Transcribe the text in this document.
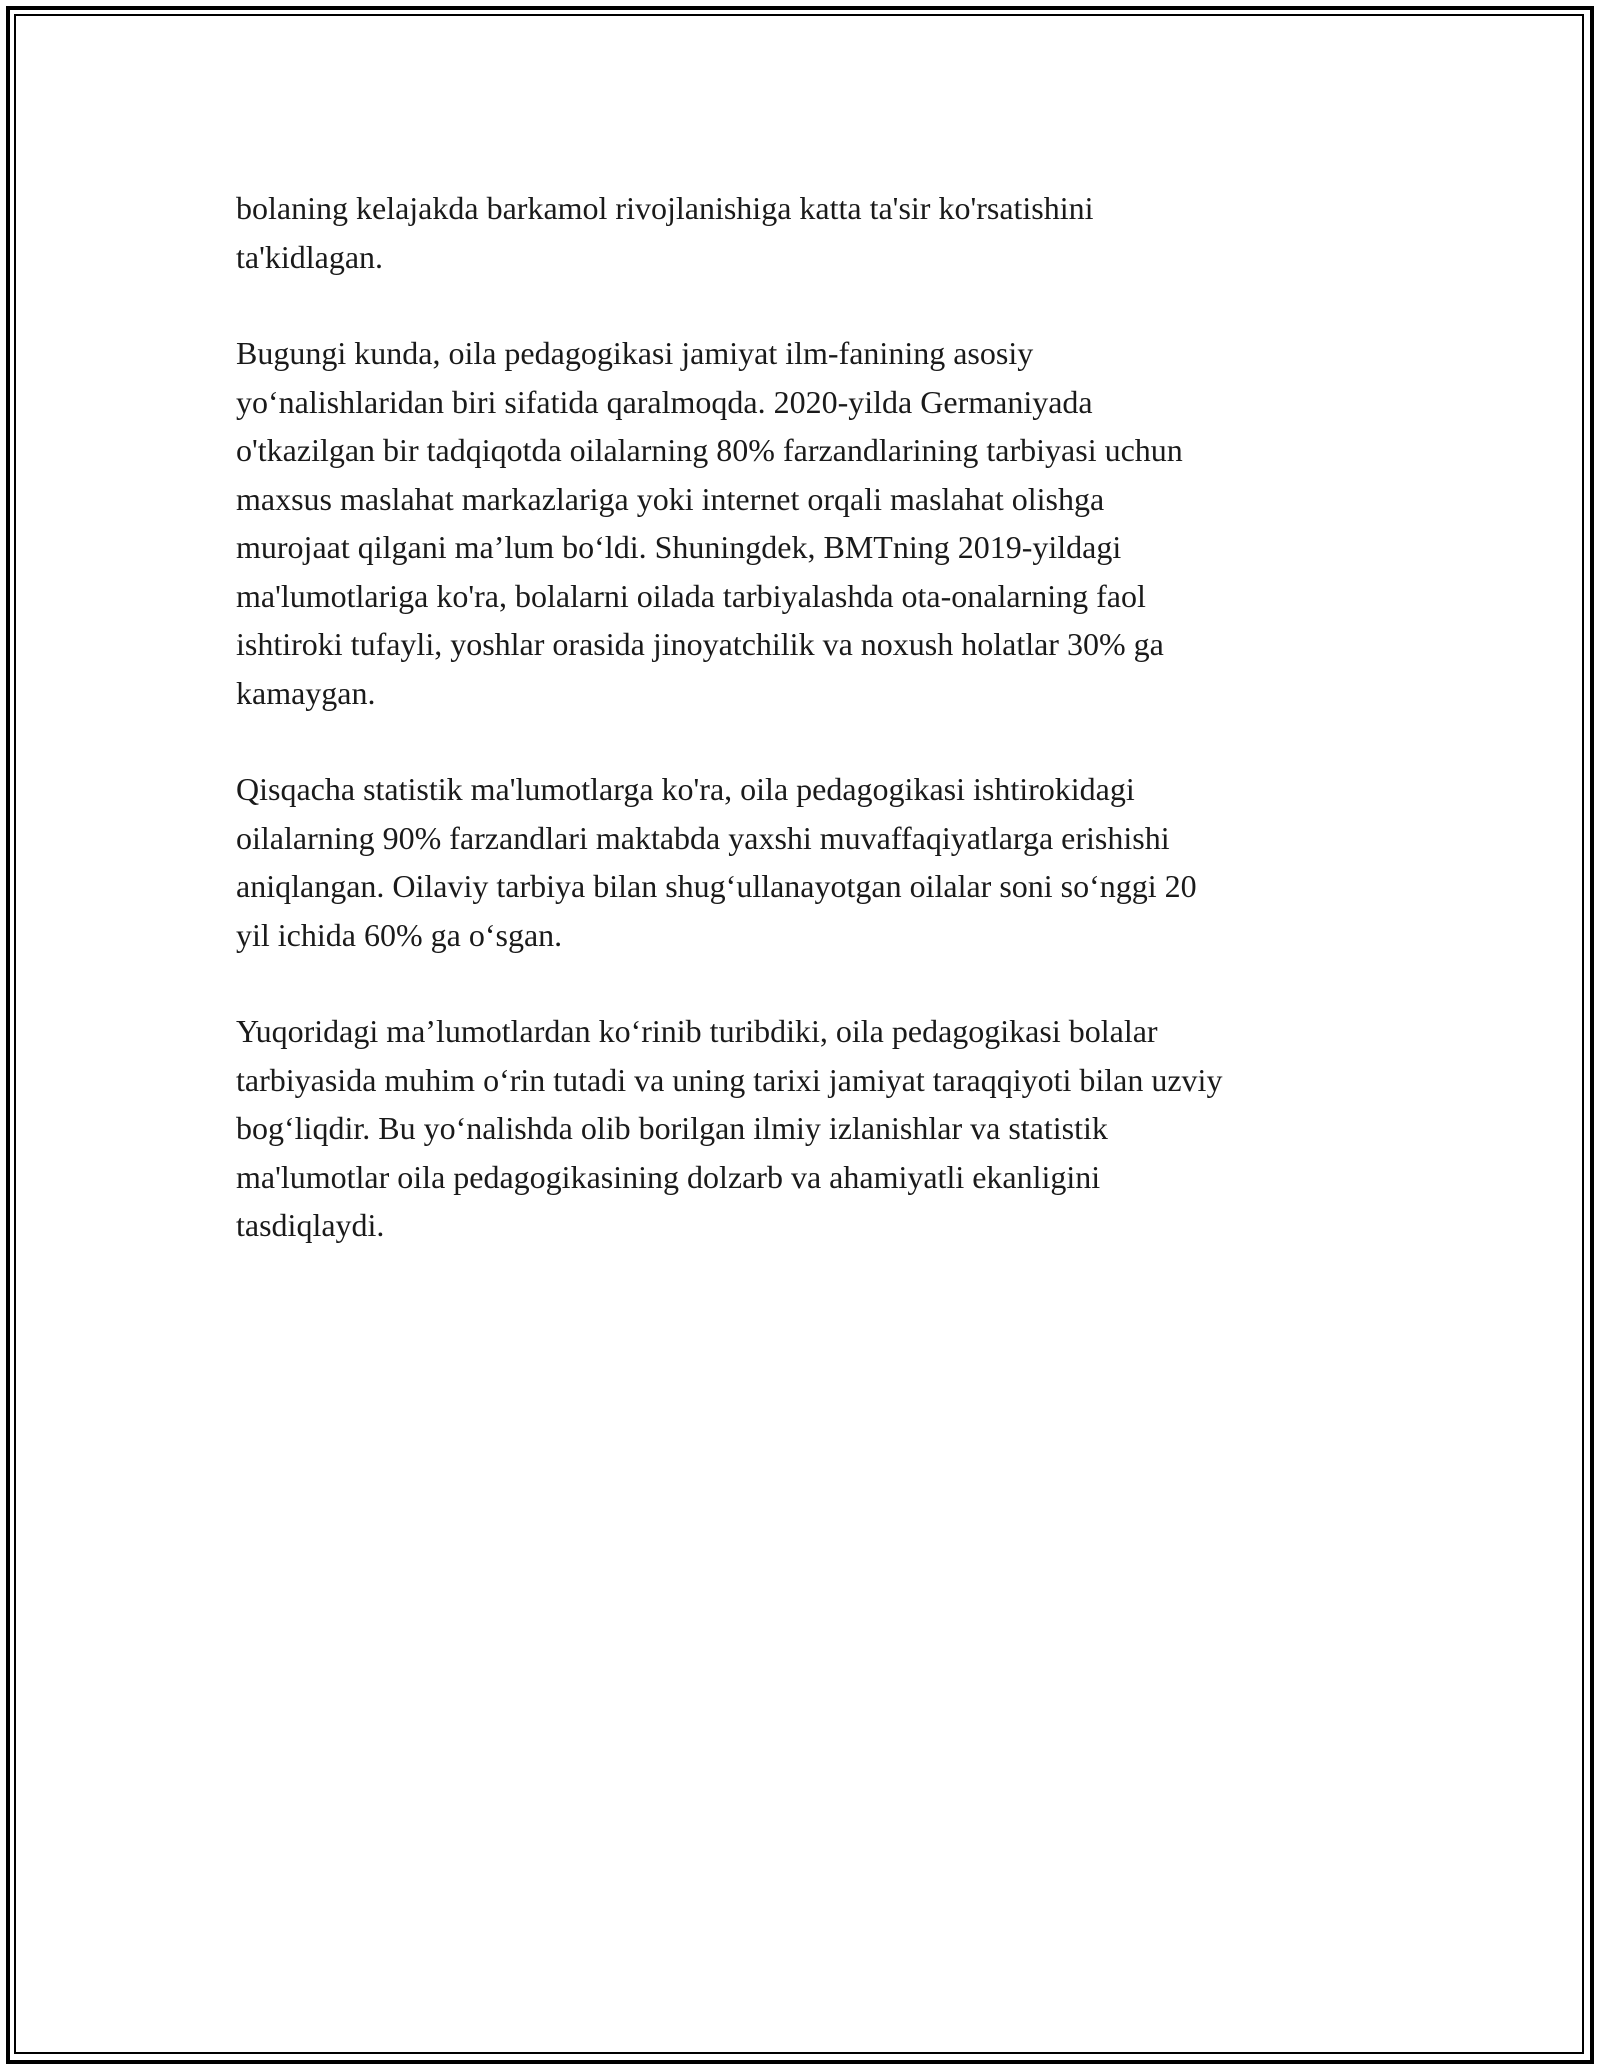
bolaning kelajakda barkamol rivojlanishiga katta ta'sir ko'rsatishini
ta'kidlagan.

Bugungi kunda, oila pedagogikasi jamiyat ilm-fanining asosiy
yo‘nalishlaridan biri sifatida qaralmoqda. 2020-yilda Germaniyada
o'tkazilgan bir tadqiqotda oilalarning 80% farzandlarining tarbiyasi uchun
maxsus maslahat markazlariga yoki internet orqali maslahat olishga
murojaat qilgani ma’lum bo‘ldi. Shuningdek, BMTning 2019-yildagi
ma'lumotlariga ko'ra, bolalarni oilada tarbiyalashda ota-onalarning faol
ishtiroki tufayli, yoshlar orasida jinoyatchilik va noxush holatlar 30% ga
kamaygan.

Qisqacha statistik ma'lumotlarga ko'ra, oila pedagogikasi ishtirokidagi
oilalarning 90% farzandlari maktabda yaxshi muvaffaqiyatlarga erishishi
aniqlangan. Oilaviy tarbiya bilan shug‘ullanayotgan oilalar soni so‘nggi 20
yil ichida 60% ga o‘sgan.

Yuqoridagi ma’lumotlardan ko‘rinib turibdiki, oila pedagogikasi bolalar
tarbiyasida muhim o‘rin tutadi va uning tarixi jamiyat taraqqiyoti bilan uzviy
bog‘liqdir. Bu yo‘nalishda olib borilgan ilmiy izlanishlar va statistik
ma'lumotlar oila pedagogikasining dolzarb va ahamiyatli ekanligini
tasdiqlaydi.
